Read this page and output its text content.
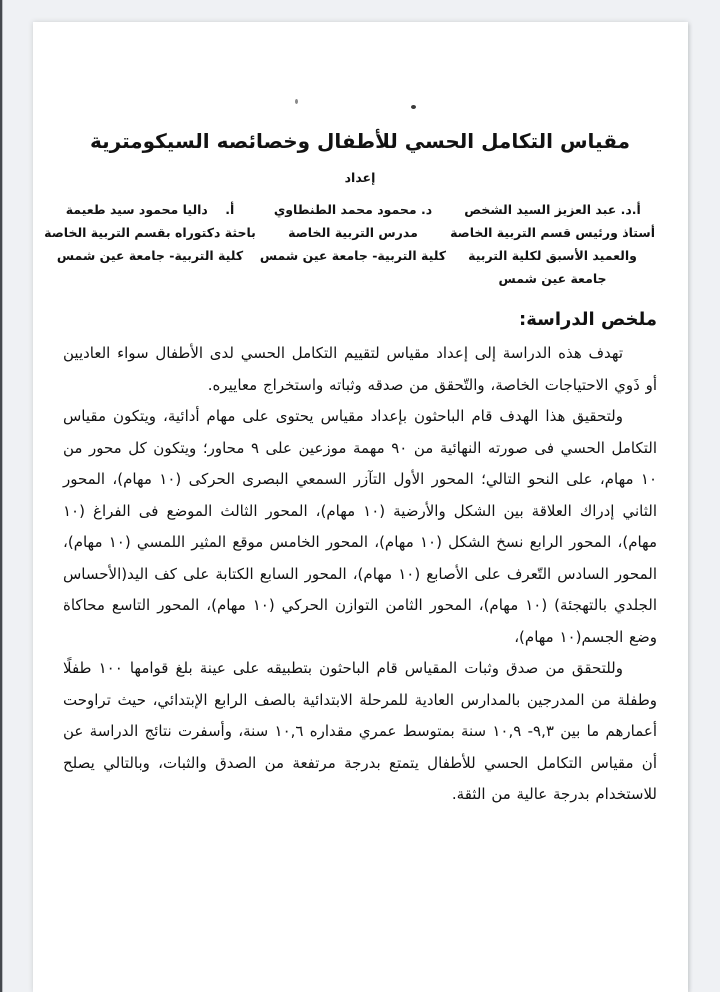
مقياس التكامل الحسي للأطفال وخصائصه السيكومترية
إعداد
أ.د. عبد العزيز السيد الشخص
أستاذ ورئيس قسم التربية الخاصة
والعميد الأسبق لكلية التربية
جامعة عين شمس
د. محمود محمد الطنطاوي
مدرس التربية الخاصة
كلية التربية- جامعة عين شمس
أ.    داليا محمود سيد طعيمة
باحثة دكتوراه بقسم التربية الخاصة
كلية التربية- جامعة عين شمس
ملخص الدراسة:

تهدف هذه الدراسة إلى إعداد مقياس لتقييم التكامل الحسي لدى الأطفال سواء العاديين أو ذَوي الاحتياجات الخاصة، والتّحقق من صدقه وثباته واستخراج معاييره.

ولتحقيق هذا الهدف قام الباحثون بإعداد مقياس يحتوى على مهام أدائية، ويتكون مقياس التكامل الحسي فى صورته النهائية من ٩٠ مهمة موزعين على ٩ محاور؛ ويتكون كل محور من ١٠ مهام، على النحو التالي؛ المحور الأول التآزر السمعي البصرى الحركى (١٠ مهام)، المحور الثاني إدراك العلاقة بين الشكل والأرضية (١٠ مهام)، المحور الثالث الموضع فى الفراغ (١٠ مهام)، المحور الرابع نسخ الشكل (١٠ مهام)، المحور الخامس موقع المثير اللمسي (١٠ مهام)، المحور السادس التّعرف على الأصابع (١٠ مهام)، المحور السابع الكتابة على كف اليد(الأحساس الجلدي بالتهجئة) (١٠ مهام)، المحور الثامن التوازن الحركي (١٠ مهام)، المحور التاسع محاكاة وضع الجسم(١٠ مهام)،

وللتحقق من صدق وثبات المقياس قام الباحثون بتطبيقه على عينة بلغ قوامها ١٠٠ طفلًا وطفلة من المدرجين بالمدارس العادية للمرحلة الابتدائية بالصف الرابع الإبتدائي، حيث تراوحت أعمارهم ما بين ٩,٣- ١٠,٩ سنة بمتوسط عمري مقداره ١٠,٦ سنة، وأسفرت نتائج الدراسة عن أن مقياس التكامل الحسي للأطفال يتمتع بدرجة مرتفعة من الصدق والثبات، وبالتالي يصلح للاستخدام بدرجة عالية من الثقة.
